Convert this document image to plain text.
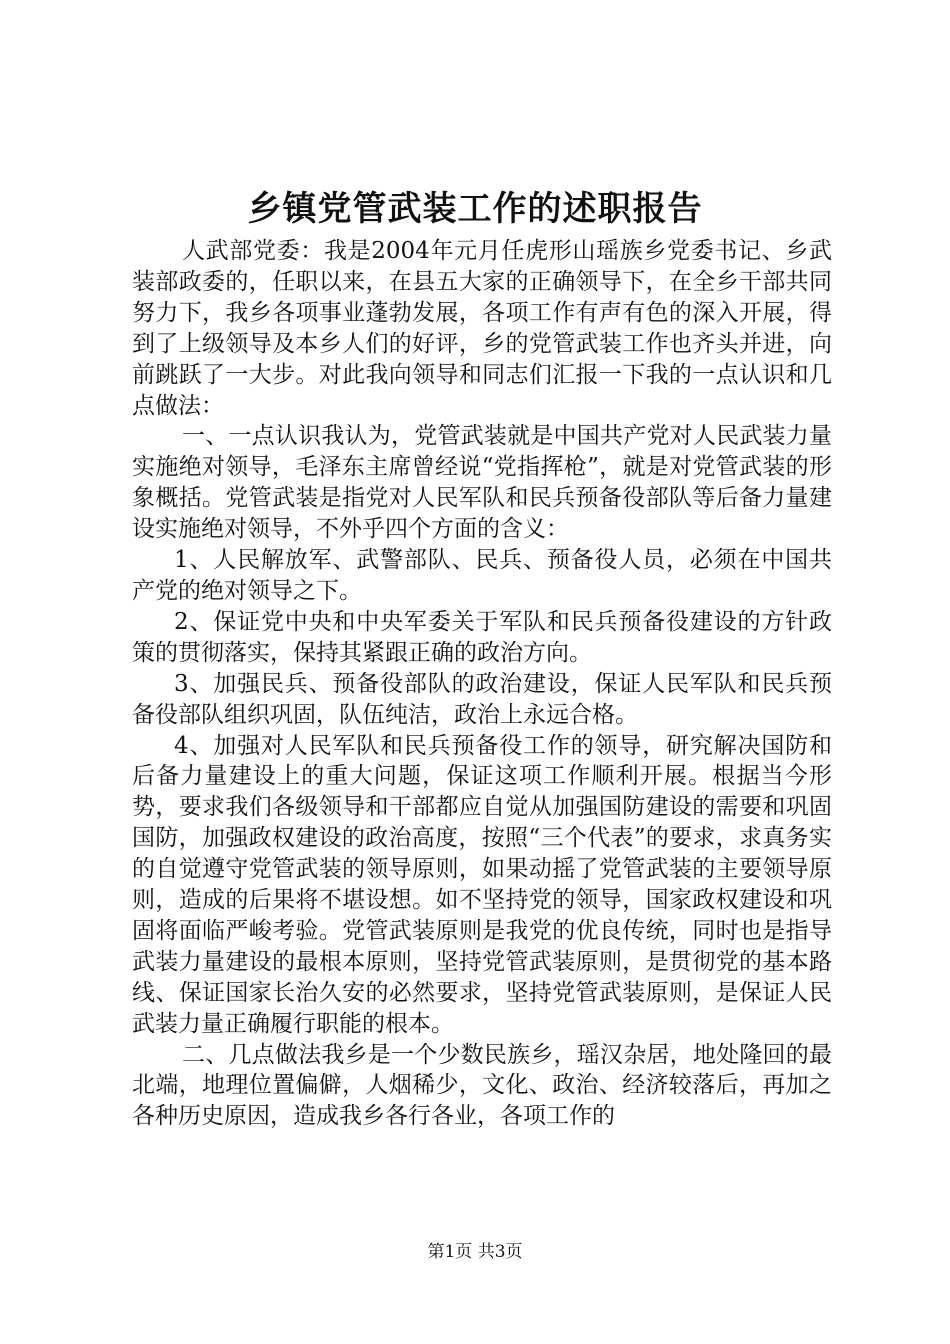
乡镇党管武装工作的述职报告

人武部党委：我是2004年元月任虎形山瑶族乡党委书记、乡武装部政委的，任职以来，在县五大家的正确领导下，在全乡干部共同努力下，我乡各项事业蓬勃发展，各项工作有声有色的深入开展，得到了上级领导及本乡人们的好评，乡的党管武装工作也齐头并进，向前跳跃了一大步。对此我向领导和同志们汇报一下我的一点认识和几点做法：

一、一点认识我认为，党管武装就是中国共产党对人民武装力量实施绝对领导，毛泽东主席曾经说“党指挥枪”，就是对党管武装的形象概括。党管武装是指党对人民军队和民兵预备役部队等后备力量建设实施绝对领导，不外乎四个方面的含义：

1、人民解放军、武警部队、民兵、预备役人员，必须在中国共产党的绝对领导之下。

2、保证党中央和中央军委关于军队和民兵预备役建设的方针政策的贯彻落实，保持其紧跟正确的政治方向。

3、加强民兵、预备役部队的政治建设，保证人民军队和民兵预备役部队组织巩固，队伍纯洁，政治上永远合格。

4、加强对人民军队和民兵预备役工作的领导，研究解决国防和后备力量建设上的重大问题，保证这项工作顺利开展。根据当今形势，要求我们各级领导和干部都应自觉从加强国防建设的需要和巩固国防，加强政权建设的政治高度，按照“三个代表”的要求，求真务实的自觉遵守党管武装的领导原则，如果动摇了党管武装的主要领导原则，造成的后果将不堪设想。如不坚持党的领导，国家政权建设和巩固将面临严峻考验。党管武装原则是我党的优良传统，同时也是指导武装力量建设的最根本原则，坚持党管武装原则，是贯彻党的基本路线、保证国家长治久安的必然要求，坚持党管武装原则，是保证人民武装力量正确履行职能的根本。

二、几点做法我乡是一个少数民族乡，瑶汉杂居，地处隆回的最北端，地理位置偏僻，人烟稀少，文化、政治、经济较落后，再加之各种历史原因，造成我乡各行各业，各项工作的

第1页 共3页
